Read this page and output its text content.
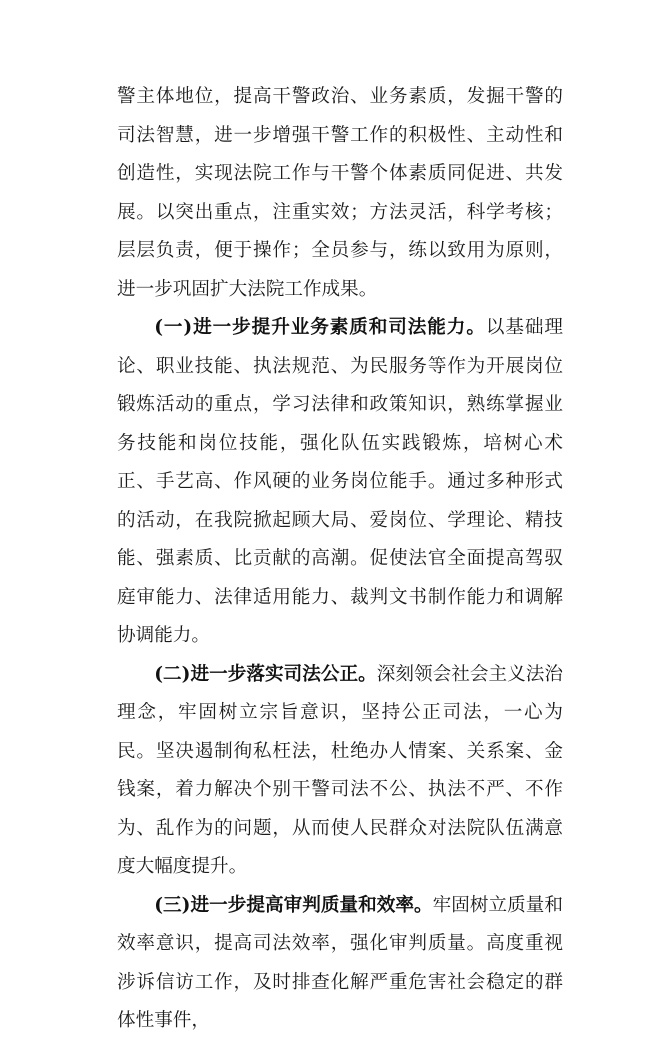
警主体地位，提高干警政治、业务素质，发掘干警的司法智慧，进一步增强干警工作的积极性、主动性和创造性，实现法院工作与干警个体素质同促进、共发展。以突出重点，注重实效；方法灵活，科学考核；层层负责，便于操作；全员参与，练以致用为原则，进一步巩固扩大法院工作成果。

(一)进一步提升业务素质和司法能力。以基础理论、职业技能、执法规范、为民服务等作为开展岗位锻炼活动的重点，学习法律和政策知识，熟练掌握业务技能和岗位技能，强化队伍实践锻炼，培树心术正、手艺高、作风硬的业务岗位能手。通过多种形式的活动，在我院掀起顾大局、爱岗位、学理论、精技能、强素质、比贡献的高潮。促使法官全面提高驾驭庭审能力、法律适用能力、裁判文书制作能力和调解协调能力。

(二)进一步落实司法公正。深刻领会社会主义法治理念，牢固树立宗旨意识，坚持公正司法，一心为民。坚决遏制徇私枉法，杜绝办人情案、关系案、金钱案，着力解决个别干警司法不公、执法不严、不作为、乱作为的问题，从而使人民群众对法院队伍满意度大幅度提升。

(三)进一步提高审判质量和效率。牢固树立质量和效率意识，提高司法效率，强化审判质量。高度重视涉诉信访工作，及时排查化解严重危害社会稳定的群体性事件，
